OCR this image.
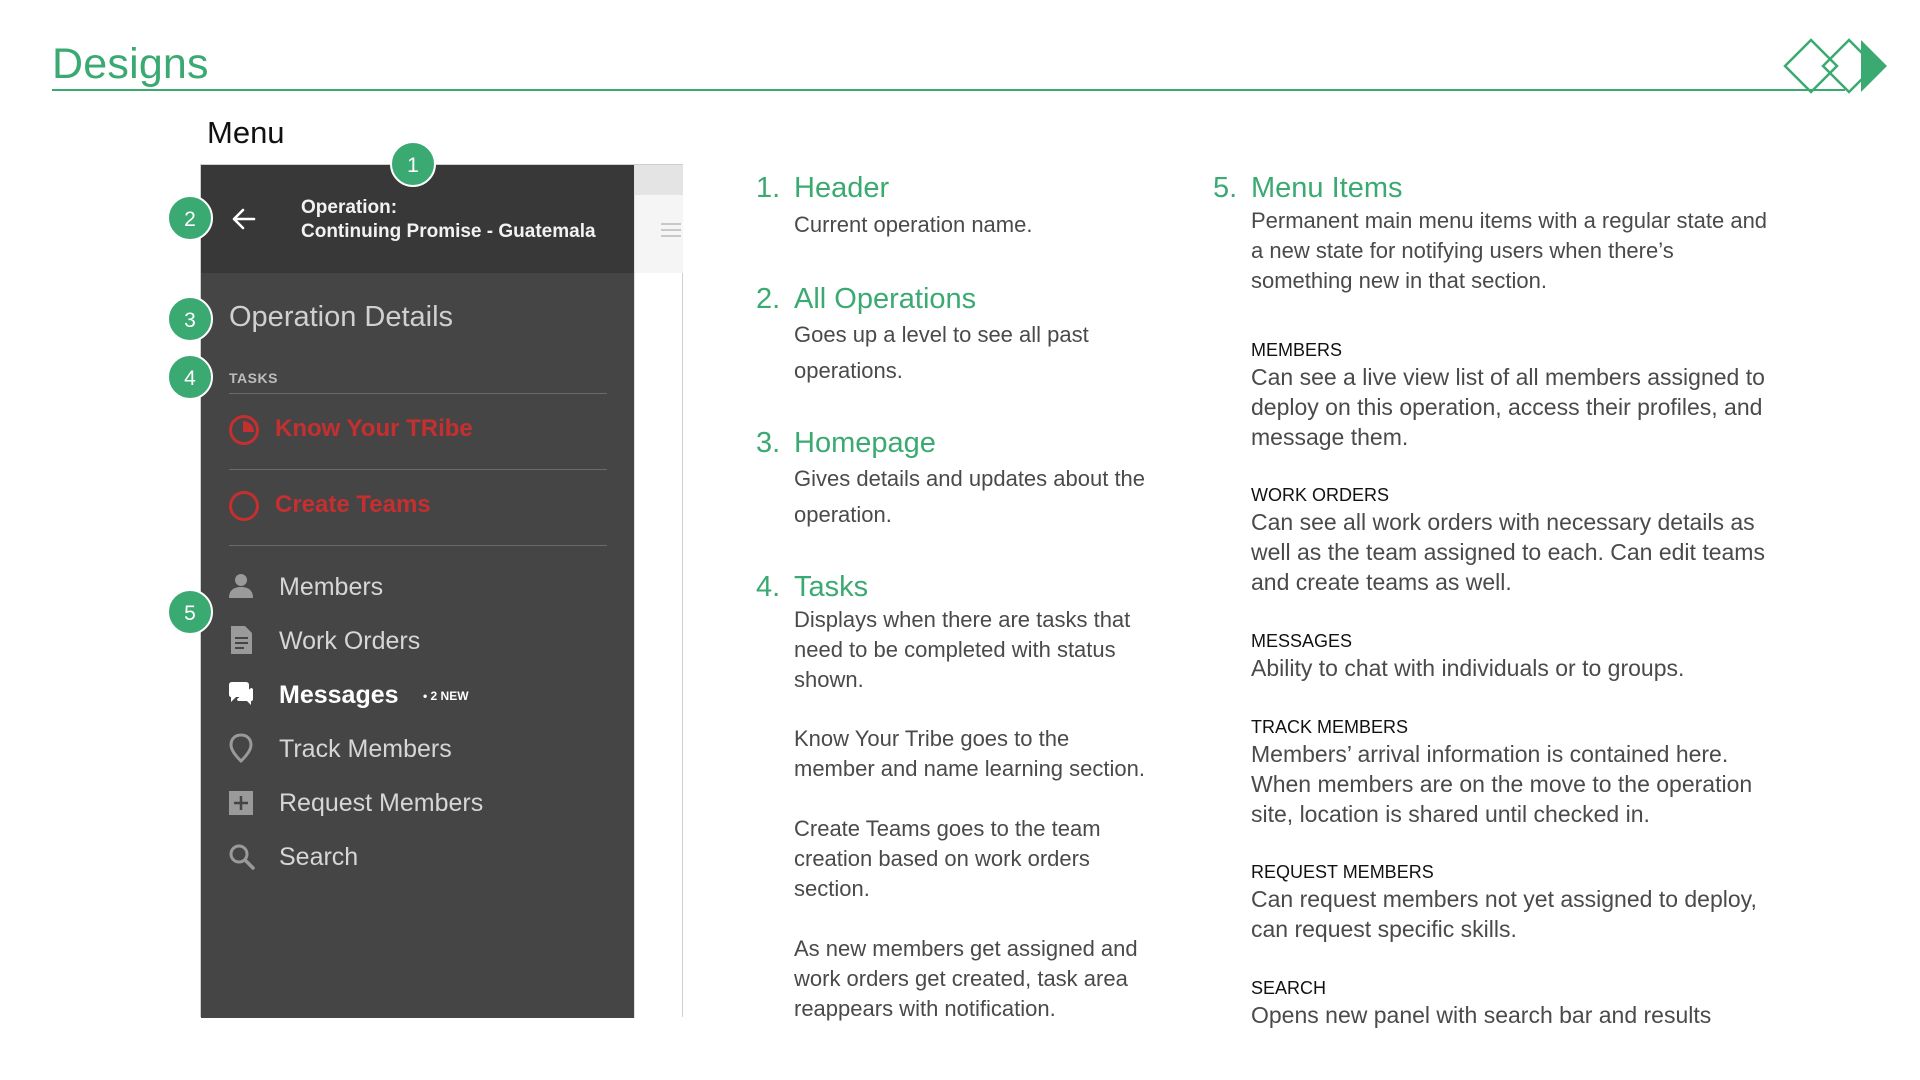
Designs
Menu
Operation:
Continuing Promise - Guatemala
Operation Details
TASKS
Know Your TRibe
Create Teams
Members
Work Orders
Messages • 2 NEW
Track Members
Request Members
Search
1
2
3
4
5
1. Header
Current operation name.
2. All Operations
Goes up a level to see all past
operations.
3. Homepage
Gives details and updates about the
operation.
4. Tasks
Displays when there are tasks that
need to be completed with status
shown.
Know Your Tribe goes to the
member and name learning section.
Create Teams goes to the team
creation based on work orders
section.
As new members get assigned and
work orders get created, task area
reappears with notification.
5. Menu Items
Permanent main menu items with a regular state and
a new state for notifying users when there’s
something new in that section.
MEMBERS
Can see a live view list of all members assigned to
deploy on this operation, access their profiles, and
message them.
WORK ORDERS
Can see all work orders with necessary details as
well as the team assigned to each. Can edit teams
and create teams as well.
MESSAGES
Ability to chat with individuals or to groups.
TRACK MEMBERS
Members’ arrival information is contained here.
When members are on the move to the operation
site, location is shared until checked in.
REQUEST MEMBERS
Can request members not yet assigned to deploy,
can request specific skills.
SEARCH
Opens new panel with search bar and results
